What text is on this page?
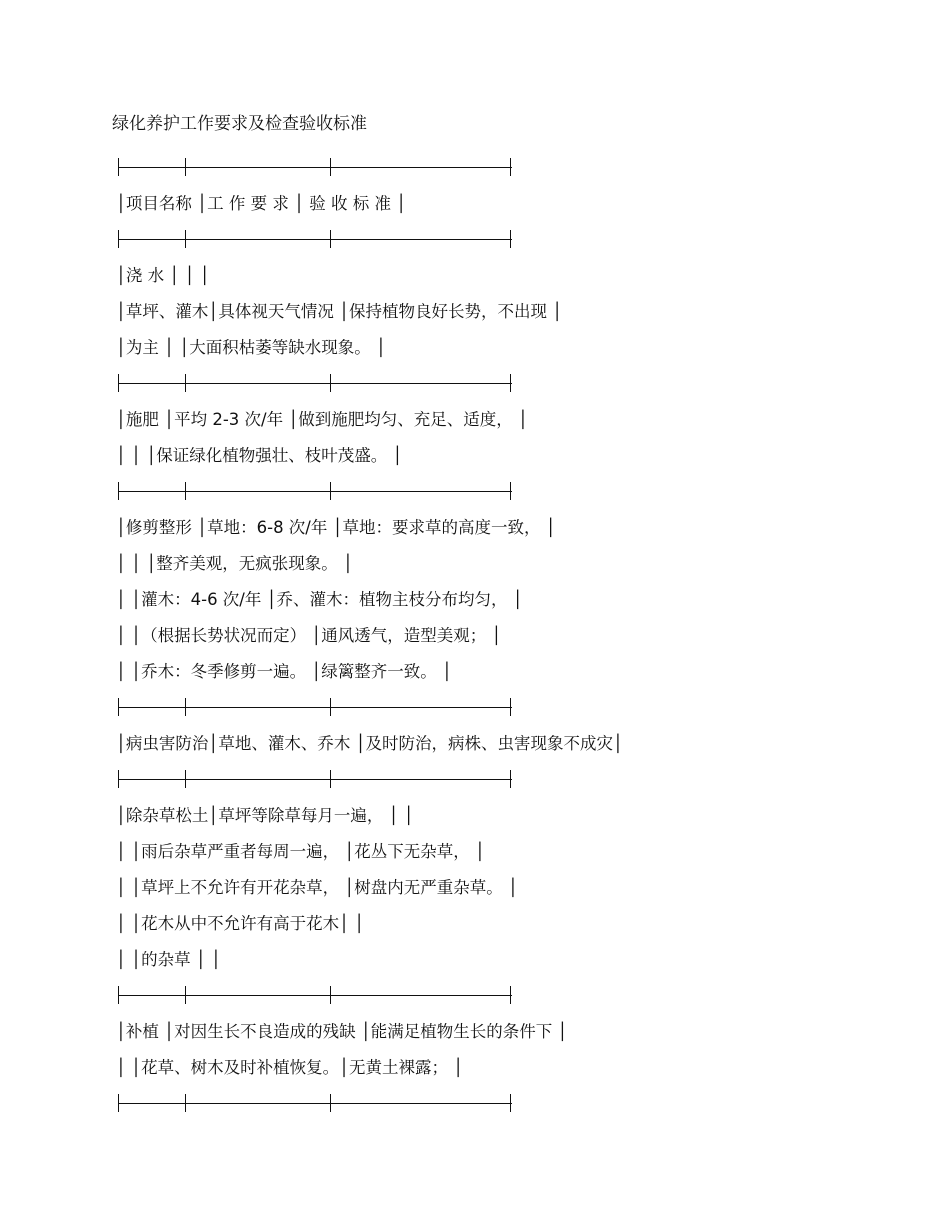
绿化养护工作要求及检查验收标准
│项目名称 │工 作 要 求 │ 验 收 标 准 │
│浇 水 │ │ │
│草坪、灌木│具体视天气情况 │保持植物良好长势，不出现 │
│为主 │ │大面积枯萎等缺水现象。 │
│施肥 │平均 2-3 次/年 │做到施肥均匀、充足、适度， │
│ │ │保证绿化植物强壮、枝叶茂盛。 │
│修剪整形 │草地：6-8 次/年 │草地：要求草的高度一致， │
│ │ │整齐美观，无疯张现象。 │
│ │灌木：4-6 次/年 │乔、灌木：植物主枝分布均匀， │
│ │（根据长势状况而定） │通风透气，造型美观； │
│ │乔木：冬季修剪一遍。 │绿篱整齐一致。 │
│病虫害防治│草地、灌木、乔木 │及时防治，病株、虫害现象不成灾│
│除杂草松土│草坪等除草每月一遍， │ │
│ │雨后杂草严重者每周一遍， │花丛下无杂草， │
│ │草坪上不允许有开花杂草， │树盘内无严重杂草。 │
│ │花木从中不允许有高于花木│ │
│ │的杂草 │ │
│补植 │对因生长不良造成的残缺 │能满足植物生长的条件下 │
│ │花草、树木及时补植恢复。│无黄土裸露； │
